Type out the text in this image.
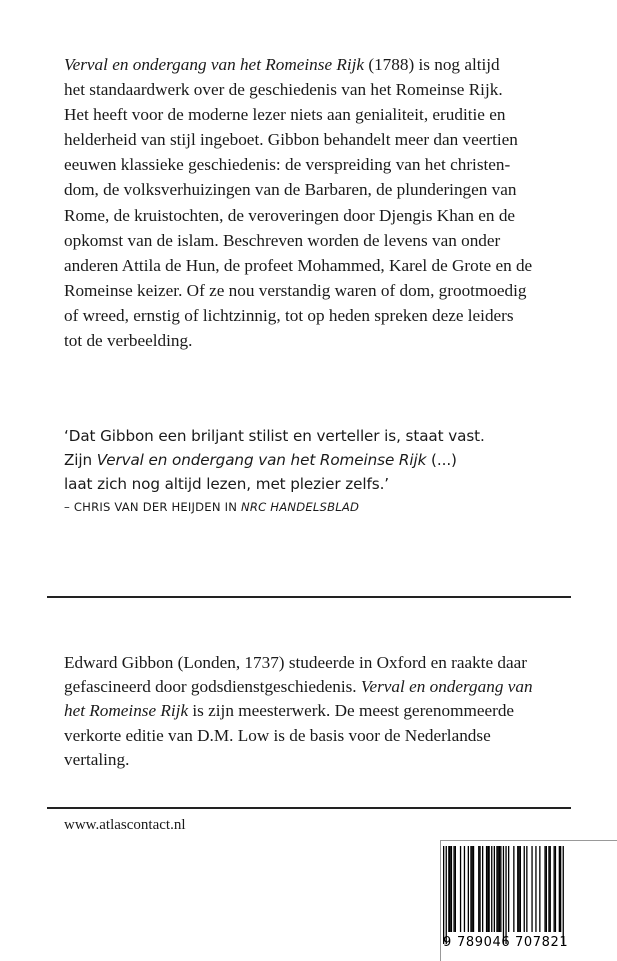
Verval en ondergang van het Romeinse Rijk (1788) is nog altijd
het standaardwerk over de geschiedenis van het Romeinse Rijk.
Het heeft voor de moderne lezer niets aan genialiteit, eruditie en
helderheid van stijl ingeboet. Gibbon behandelt meer dan veertien
eeuwen klassieke geschiedenis: de verspreiding van het christen-
dom, de volksverhuizingen van de Barbaren, de plunderingen van
Rome, de kruistochten, de veroveringen door Djengis Khan en de
opkomst van de islam. Beschreven worden de levens van onder
anderen Attila de Hun, de profeet Mohammed, Karel de Grote en de
Romeinse keizer. Of ze nou verstandig waren of dom, grootmoedig
of wreed, ernstig of lichtzinnig, tot op heden spreken deze leiders
tot de verbeelding.
‘Dat Gibbon een briljant stilist en verteller is, staat vast.
Zijn Verval en ondergang van het Romeinse Rijk (...)
laat zich nog altijd lezen, met plezier zelfs.’
– CHRIS VAN DER HEIJDEN IN NRC HANDELSBLAD
Edward Gibbon (Londen, 1737) studeerde in Oxford en raakte daar
gefascineerd door godsdienstgeschiedenis. Verval en ondergang van
het Romeinse Rijk is zijn meesterwerk. De meest gerenommeerde
verkorte editie van D.M. Low is de basis voor de Nederlandse
vertaling.
www.atlascontact.nl
9 789046 707821
